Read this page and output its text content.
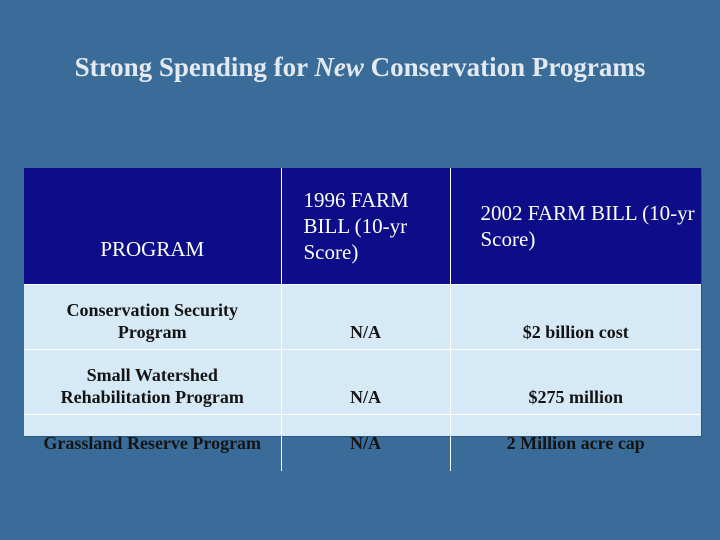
Strong Spending for New Conservation Programs
PROGRAM	1996 FARM BILL (10-yr Score)	2002 FARM BILL (10-yr Score)
Conservation Security Program	N/A	$2 billion cost
Small Watershed Rehabilitation Program	N/A	$275 million
Grassland Reserve Program	N/A	2 Million acre cap
